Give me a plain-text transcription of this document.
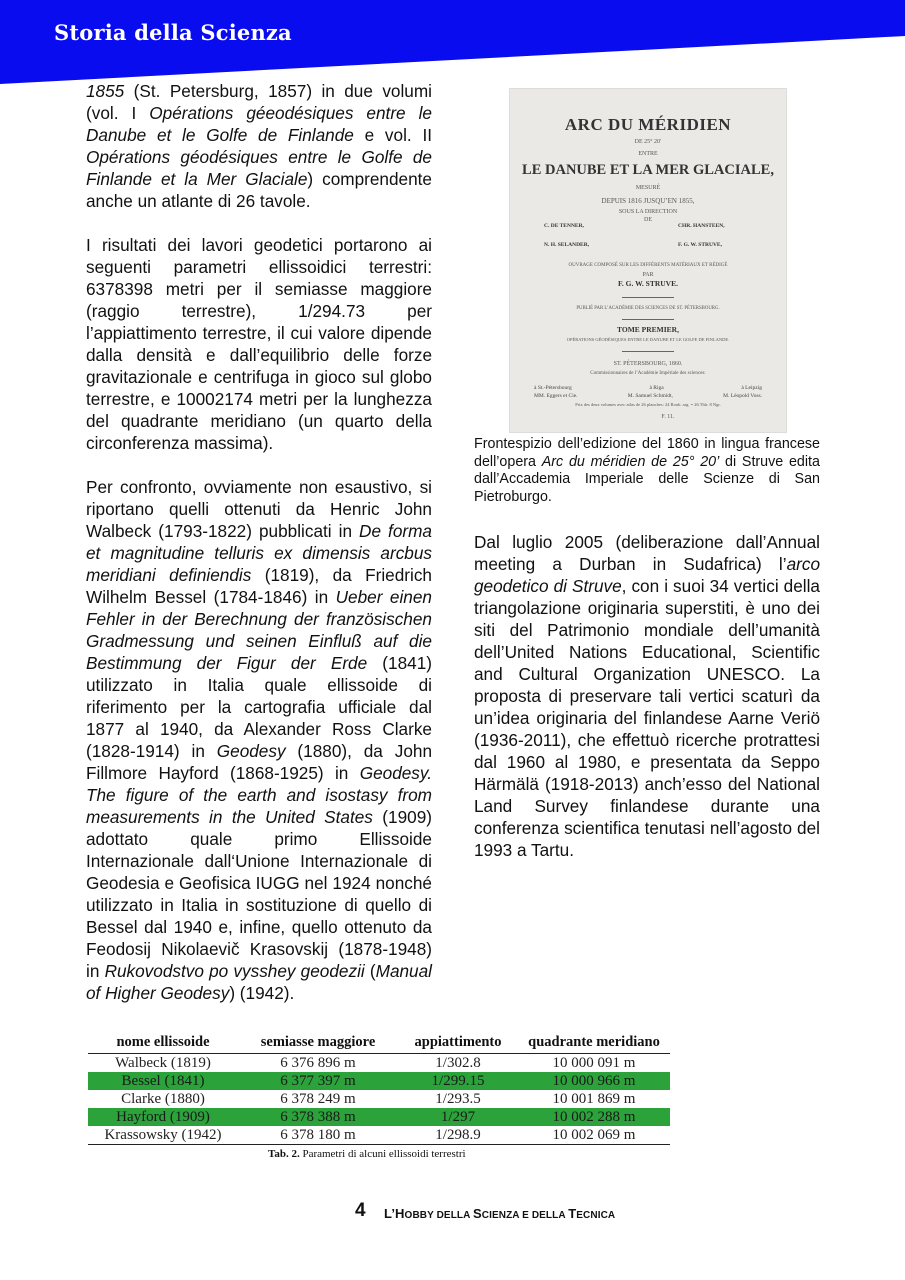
Storia della Scienza

1855 (St. Petersburg, 1857) in due volumi (vol. I Opérations géeodésiques entre le Danube et le Golfe de Finlande e vol. II Opérations géodésiques entre le Golfe de Finlande et la Mer Glaciale) comprendente anche un atlante di 26 tavole.

I risultati dei lavori geodetici portarono ai seguenti parametri ellissoidici terrestri: 6378398 metri per il semiasse maggiore (raggio terrestre), 1/294.73 per l’appiattimento terrestre, il cui valore dipende dalla densità e dall’equilibrio delle forze gravitazionale e centrifuga in gioco sul globo terrestre, e 10002174 metri per la lunghezza del quadrante meridiano (un quarto della circonferenza massima).

Per confronto, ovviamente non esaustivo, si riportano quelli ottenuti da Henric John Walbeck (1793-1822) pubblicati in De forma et magnitudine telluris ex dimensis arcbus meridiani definiendis (1819), da Friedrich Wilhelm Bessel (1784-1846) in Ueber einen Fehler in der Berechnung der französischen Gradmessung und seinen Einfluß auf die Bestimmung der Figur der Erde (1841) utilizzato in Italia quale ellissoide di riferimento per la cartografia ufficiale dal 1877 al 1940, da Alexander Ross Clarke (1828-1914) in Geodesy (1880), da John Fillmore Hayford (1868-1925) in Geodesy. The figure of the earth and isostasy from measurements in the United States (1909) adottato quale primo Ellissoide Internazionale dall‘Unione Internazionale di Geodesia e Geofisica IUGG nel 1924 nonché utilizzato in Italia in sostituzione di quello di Bessel dal 1940 e, infine, quello ottenuto da Feodosij Nikolaevič Krasovskij (1878-1948) in Rukovodstvo po vysshey geodezii (Manual of Higher Geodesy) (1942).

ARC DU MÉRIDIEN
DE 25° 20′
ENTRE
LE DANUBE ET LA MER GLACIALE,
MESURÉ
DEPUIS 1816 JUSQU’EN 1855,
SOUS LA DIRECTION
DE
C. DE TENNER,	CHR. HANSTEEN,
N. H. SELANDER,	F. G. W. STRUVE,
OUVRAGE COMPOSÉ SUR LES DIFFÉRENTS MATÉRIAUX ET RÉDIGÉ
PAR
F. G. W. STRUVE.
PUBLIÉ PAR L’ACADÉMIE DES SCIENCES DE ST. PÉTERSBOURG.
TOME PREMIER,
OPÉRATIONS GÉODÉSIQUES ENTRE LE DANUBE ET LE GOLFE DE FINLANDE.
ST. PÉTERSBOURG, 1860.
Commissionnaires de l’Académie Impériale des sciences:
à St.-Pétersbourg	à Riga	à Leipzig
MM. Eggers et Cie.	M. Samuel Schmidt,	M. Léopold Voss.
Prix des deux volumes avec atlas de 26 planches: 24 Roub. arg. = 26 Thlr. 8 Ngr.
F. 11.
Frontespizio dell’edizione del 1860 in lingua francese dell’opera Arc du méridien de 25° 20’ di Struve edita dall’Accademia Imperiale delle Scienze di San Pietroburgo.

Dal luglio 2005 (deliberazione dall’Annual meeting a Durban in Sudafrica) l’arco geodetico di Struve, con i suoi 34 vertici della triangolazione originaria superstiti, è uno dei siti del Patrimonio mondiale dell’umanità dell’United Nations Educational, Scientific and Cultural Organization UNESCO. La proposta di preservare tali vertici scaturì da un’idea originaria del finlandese Aarne Veriö (1936-2011), che effettuò ricerche protrattesi dal 1960 al 1980, e presentata da Seppo Härmälä (1918-2013) anch’esso del National Land Survey finlandese durante una conferenza scientifica tenutasi nell’agosto del 1993 a Tartu.

nome ellissoide	semiasse maggiore	appiattimento	quadrante meridiano
Walbeck (1819)	6 376 896 m	1/302.8	10 000 091 m
Bessel (1841)	6 377 397 m	1/299.15	10 000 966 m
Clarke (1880)	6 378 249 m	1/293.5	10 001 869 m
Hayford (1909)	6 378 388 m	1/297	10 002 288 m
Krassowsky (1942)	6 378 180 m	1/298.9	10 002 069 m
Tab. 2. Parametri di alcuni ellissoidi terrestri
4 L’HOBBY DELLA SCIENZA E DELLA TECNICA
